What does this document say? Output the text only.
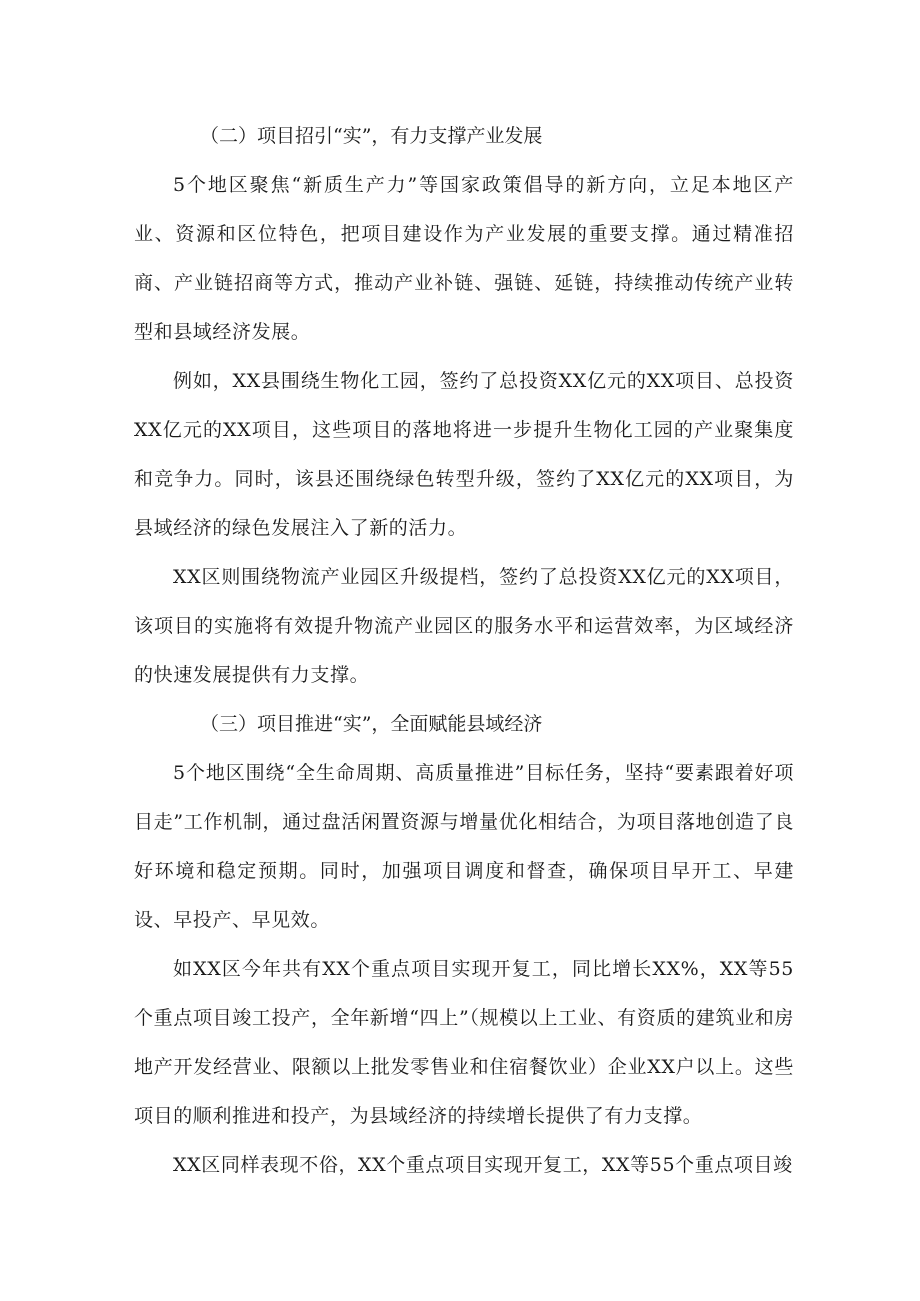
（二）项目招引“实”，有力支撑产业发展

5个地区聚焦“新质生产力”等国家政策倡导的新方向，立足本地区产业、资源和区位特色，把项目建设作为产业发展的重要支撑。通过精准招商、产业链招商等方式，推动产业补链、强链、延链，持续推动传统产业转型和县域经济发展。

例如，XX县围绕生物化工园，签约了总投资XX亿元的XX项目、总投资XX亿元的XX项目，这些项目的落地将进一步提升生物化工园的产业聚集度和竞争力。同时，该县还围绕绿色转型升级，签约了XX亿元的XX项目，为县域经济的绿色发展注入了新的活力。

XX区则围绕物流产业园区升级提档，签约了总投资XX亿元的XX项目，该项目的实施将有效提升物流产业园区的服务水平和运营效率，为区域经济的快速发展提供有力支撑。

（三）项目推进“实”，全面赋能县域经济

5个地区围绕“全生命周期、高质量推进”目标任务，坚持“要素跟着好项目走”工作机制，通过盘活闲置资源与增量优化相结合，为项目落地创造了良好环境和稳定预期。同时，加强项目调度和督查，确保项目早开工、早建设、早投产、早见效。

如XX区今年共有XX个重点项目实现开复工，同比增长XX%，XX等55个重点项目竣工投产，全年新增“四上”（规模以上工业、有资质的建筑业和房地产开发经营业、限额以上批发零售业和住宿餐饮业）企业XX户以上。这些项目的顺利推进和投产，为县域经济的持续增长提供了有力支撑。

XX区同样表现不俗，XX个重点项目实现开复工，XX等55个重点项目竣
